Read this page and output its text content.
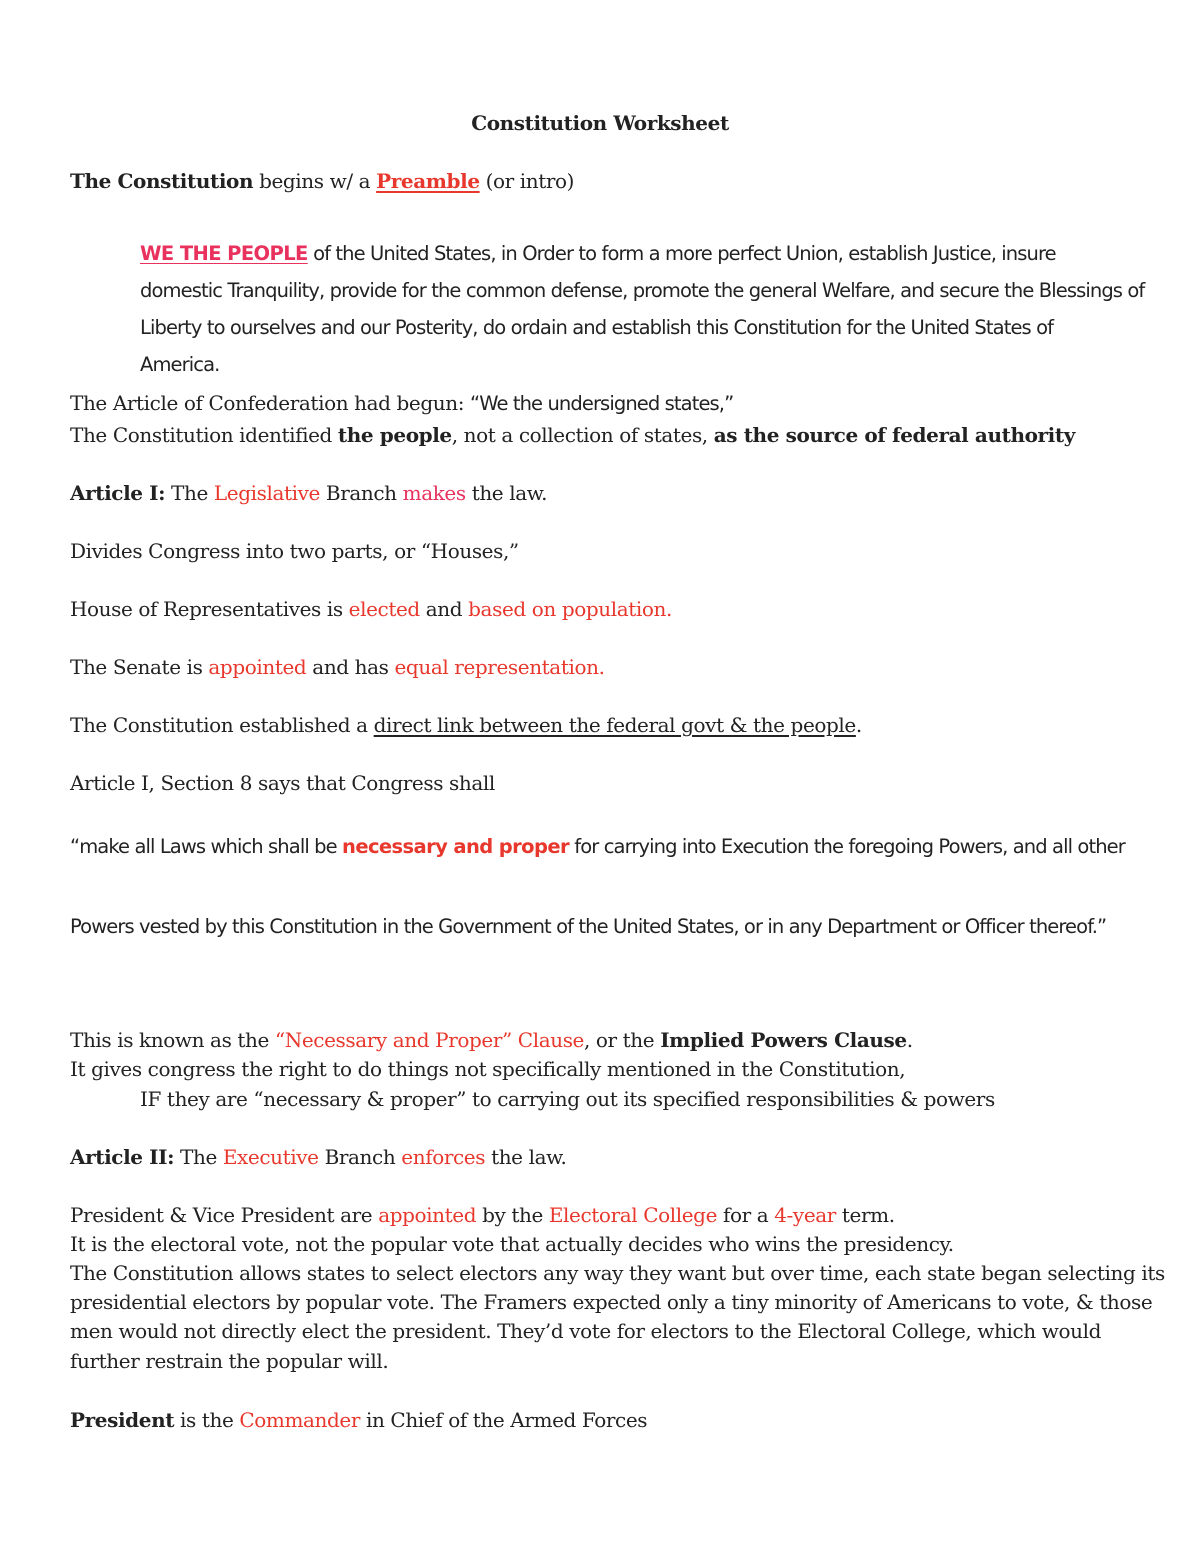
Constitution Worksheet
The Constitution begins w/ a Preamble (or intro)
WE THE PEOPLE of the United States, in Order to form a more perfect Union, establish Justice, insure
domestic Tranquility, provide for the common defense, promote the general Welfare, and secure the Blessings of
Liberty to ourselves and our Posterity, do ordain and establish this Constitution for the United States of
America.
The Article of Confederation had begun: “We the undersigned states,”
The Constitution identified the people, not a collection of states, as the source of federal authority
Article I: The Legislative Branch makes the law.
Divides Congress into two parts, or “Houses,”
House of Representatives is elected and based on population.
The Senate is appointed and has equal representation.
The Constitution established a direct link between the federal govt & the people.
Article I, Section 8 says that Congress shall
“make all Laws which shall be necessary and proper for carrying into Execution the foregoing Powers, and all other
Powers vested by this Constitution in the Government of the United States, or in any Department or Officer thereof.”
This is known as the “Necessary and Proper” Clause, or the Implied Powers Clause.
It gives congress the right to do things not specifically mentioned in the Constitution,
IF they are “necessary & proper” to carrying out its specified responsibilities & powers
Article II: The Executive Branch enforces the law.
President & Vice President are appointed by the Electoral College for a 4-year term.
It is the electoral vote, not the popular vote that actually decides who wins the presidency.
The Constitution allows states to select electors any way they want but over time, each state began selecting its
presidential electors by popular vote. The Framers expected only a tiny minority of Americans to vote, & those
men would not directly elect the president. They’d vote for electors to the Electoral College, which would
further restrain the popular will.
President is the Commander in Chief of the Armed Forces
